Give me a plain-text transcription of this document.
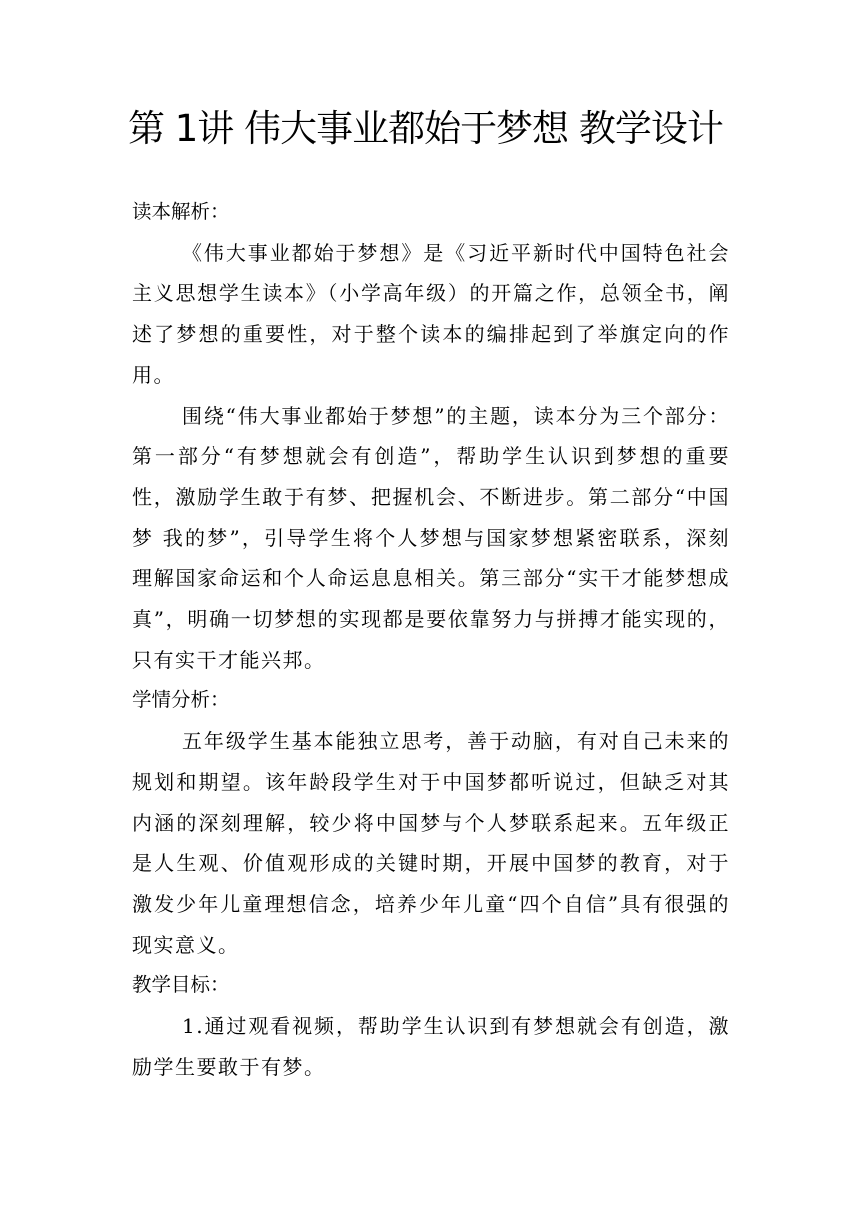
第 1讲 伟大事业都始于梦想 教学设计
读本解析：

《伟大事业都始于梦想》是《习近平新时代中国特色社会主义思想学生读本》（小学高年级）的开篇之作，总领全书，阐述了梦想的重要性，对于整个读本的编排起到了举旗定向的作用。

围绕“伟大事业都始于梦想”的主题，读本分为三个部分：第一部分“有梦想就会有创造”，帮助学生认识到梦想的重要性，激励学生敢于有梦、把握机会、不断进步。第二部分“中国梦 我的梦”，引导学生将个人梦想与国家梦想紧密联系，深刻理解国家命运和个人命运息息相关。第三部分“实干才能梦想成真”，明确一切梦想的实现都是要依靠努力与拼搏才能实现的，只有实干才能兴邦。

学情分析：

五年级学生基本能独立思考，善于动脑，有对自己未来的规划和期望。该年龄段学生对于中国梦都听说过，但缺乏对其内涵的深刻理解，较少将中国梦与个人梦联系起来。五年级正是人生观、价值观形成的关键时期，开展中国梦的教育，对于激发少年儿童理想信念，培养少年儿童“四个自信”具有很强的现实意义。

教学目标：

1.通过观看视频，帮助学生认识到有梦想就会有创造，激励学生要敢于有梦。
